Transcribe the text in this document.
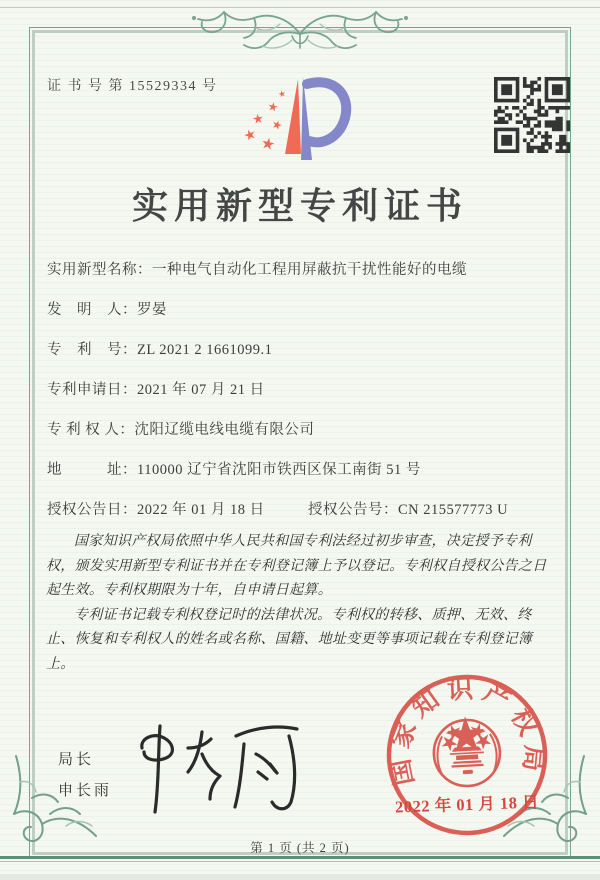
证 书 号 第 15529334 号
实用新型专利证书
实用新型名称：一种电气自动化工程用屏蔽抗干扰性能好的电缆
发　明　人：罗晏
专　利　号：ZL 2021 2 1661099.1
专利申请日：2021 年 07 月 21 日
专 利 权 人：沈阳辽缆电线电缆有限公司
地　　　址：110000 辽宁省沈阳市铁西区保工南街 51 号
授权公告日：2022 年 01 月 18 日	授权公告号：CN 215577773 U

国家知识产权局依照中华人民共和国专利法经过初步审查，决定授予专利权，颁发实用新型专利证书并在专利登记簿上予以登记。专利权自授权公告之日起生效。专利权期限为十年，自申请日起算。

专利证书记载专利权登记时的法律状况。专利权的转移、质押、无效、终止、恢复和专利权人的姓名或名称、国籍、地址变更等事项记载在专利登记簿上。

局长
申长雨
国家知识产权局
2022 年 01 月 18 日
第 1 页 (共 2 页)
